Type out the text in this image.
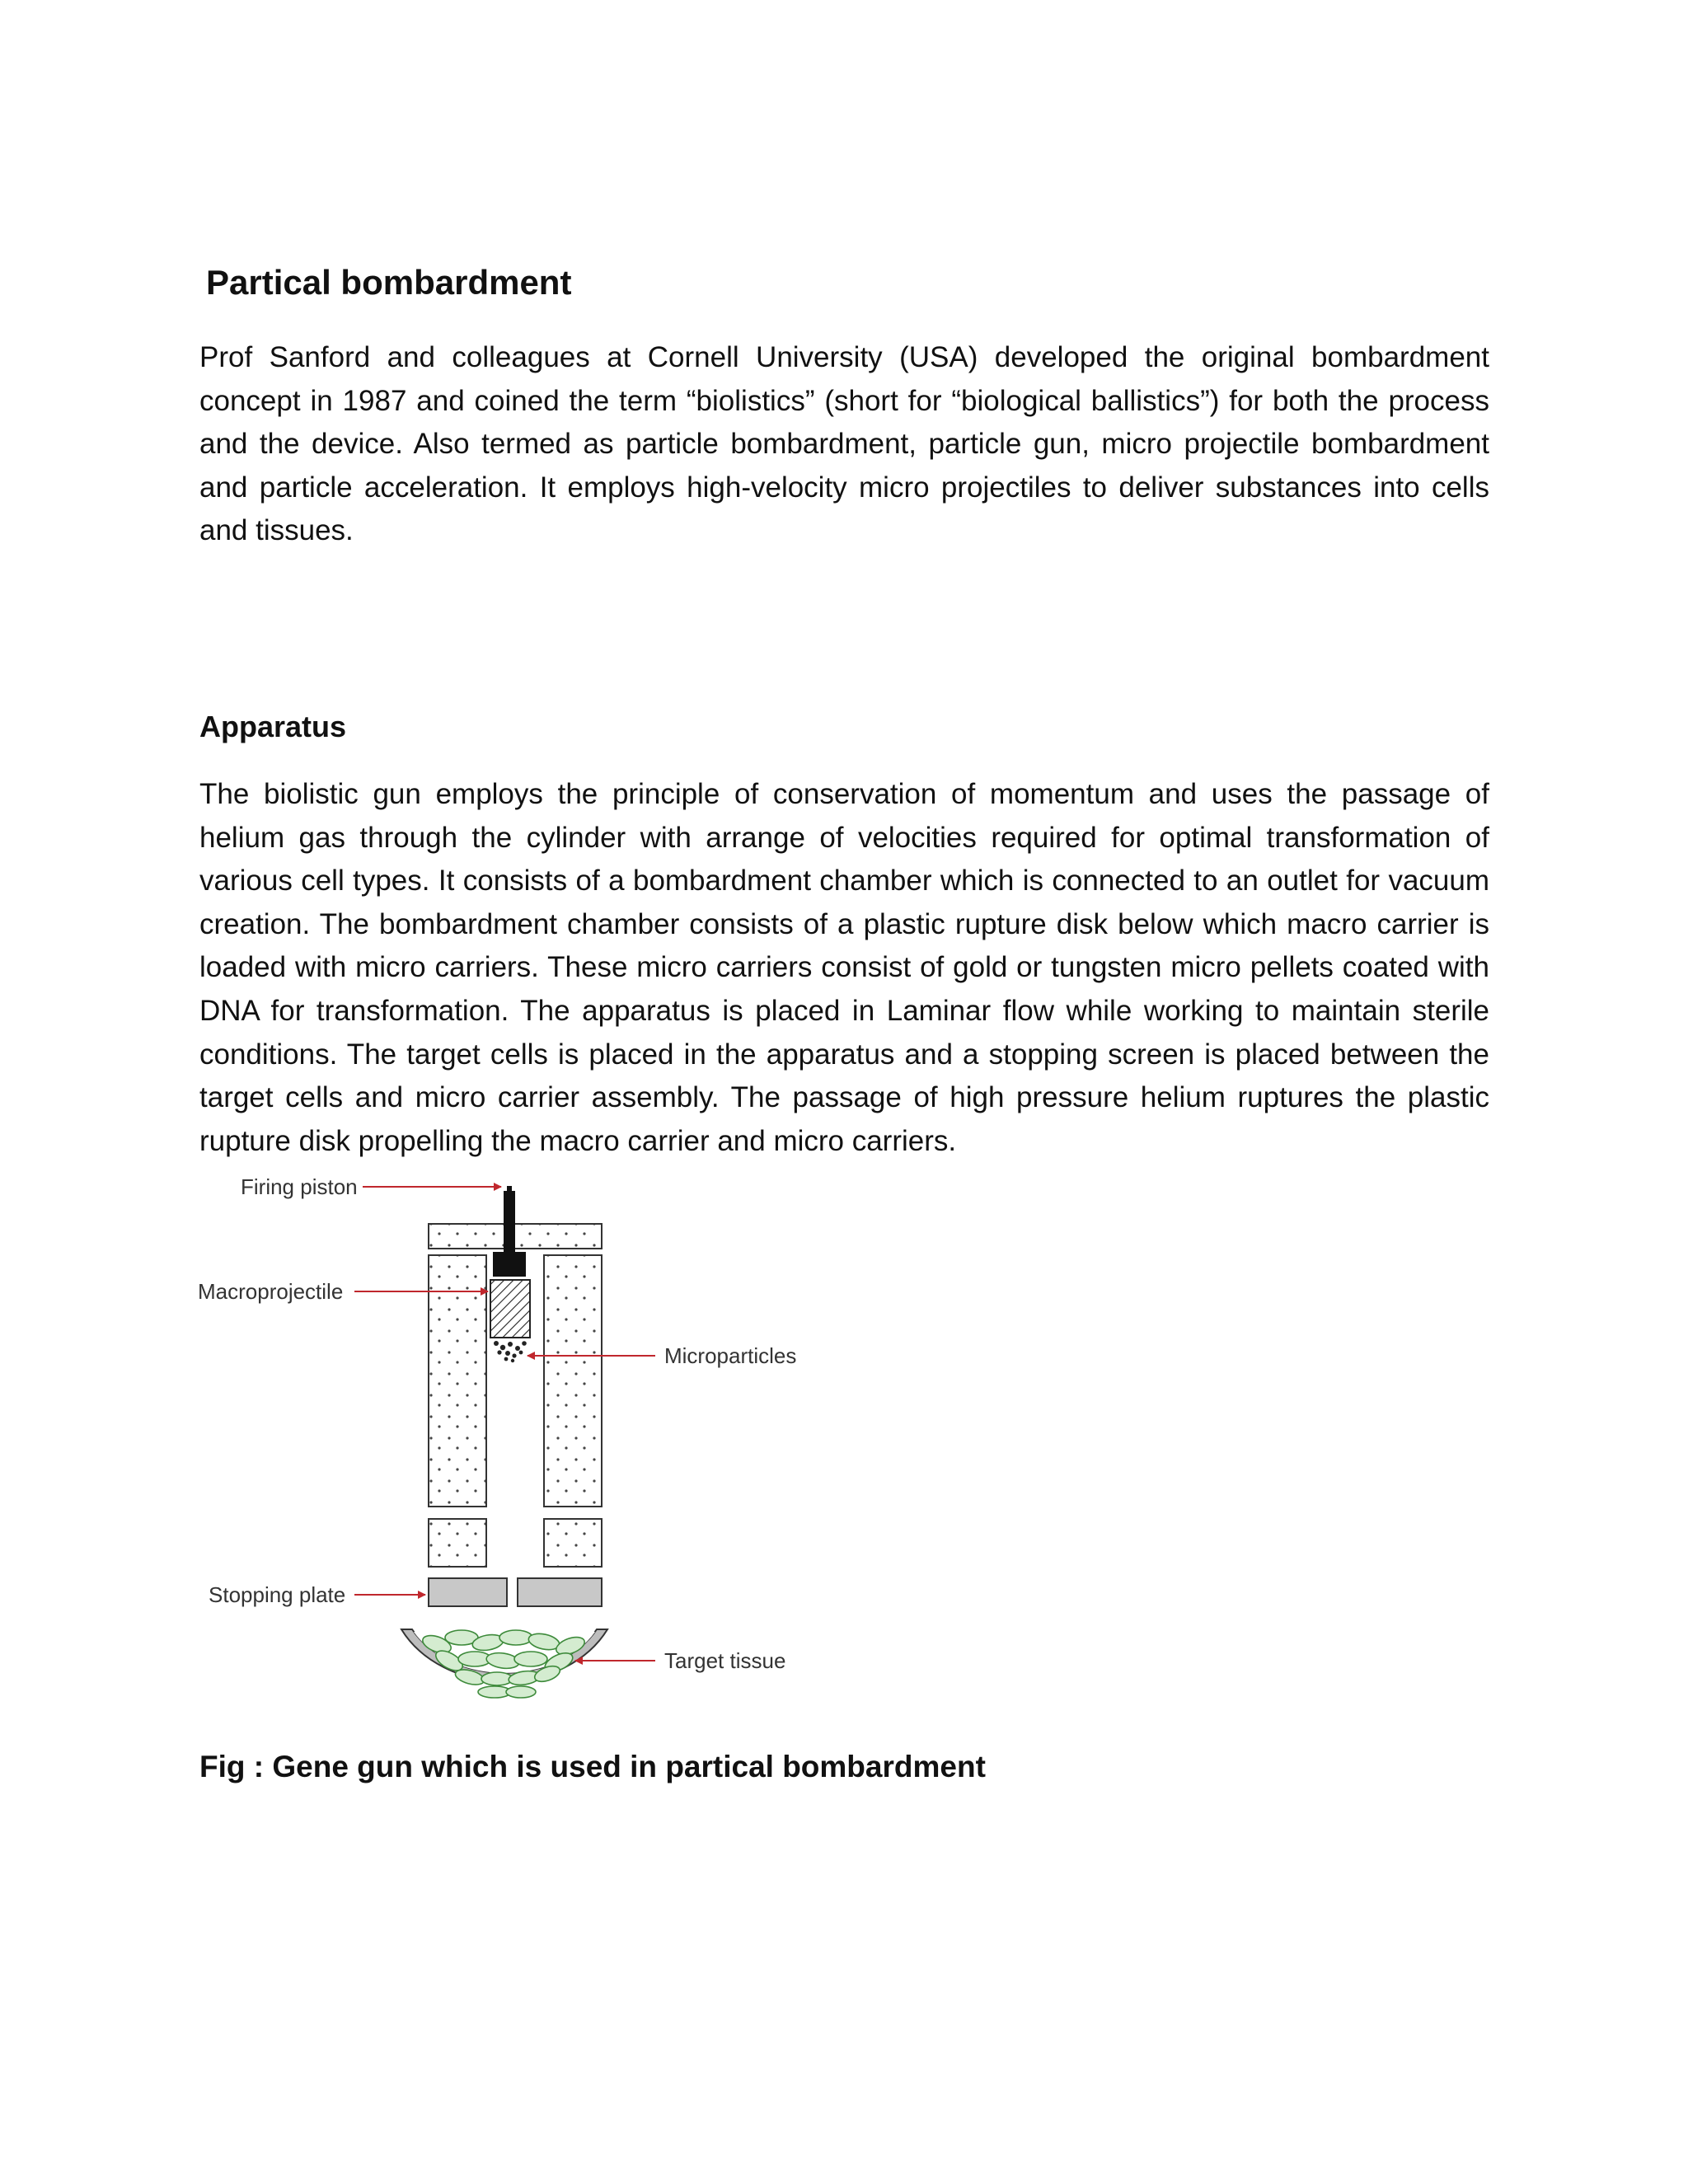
Partical bombardment

Prof Sanford and colleagues at Cornell University (USA) developed the original bombardment concept in 1987 and coined the term “biolistics” (short for “biological ballistics”) for both the process and the device. Also termed as particle bombardment, particle gun, micro projectile bombardment and particle acceleration. It employs high-velocity micro projectiles to deliver substances into cells and tissues.

Apparatus

The biolistic gun employs the principle of conservation of momentum and uses the passage of helium gas through the cylinder with arrange of velocities required for optimal transformation of various cell types. It consists of a bombardment chamber which is connected to an outlet for vacuum creation. The bombardment chamber consists of a plastic rupture disk below which macro carrier is loaded with micro carriers. These micro carriers consist of gold or tungsten micro pellets coated with DNA for transformation. The apparatus is placed in Laminar flow while working to maintain sterile conditions. The target cells is placed in the apparatus and a stopping screen is placed between the target cells and micro carrier assembly. The passage of high pressure helium ruptures the plastic rupture disk propelling the macro carrier and micro carriers.

Firing piston
Macroprojectile
Microparticles
Stopping plate
Target tissue

Fig : Gene gun which is used in partical bombardment
